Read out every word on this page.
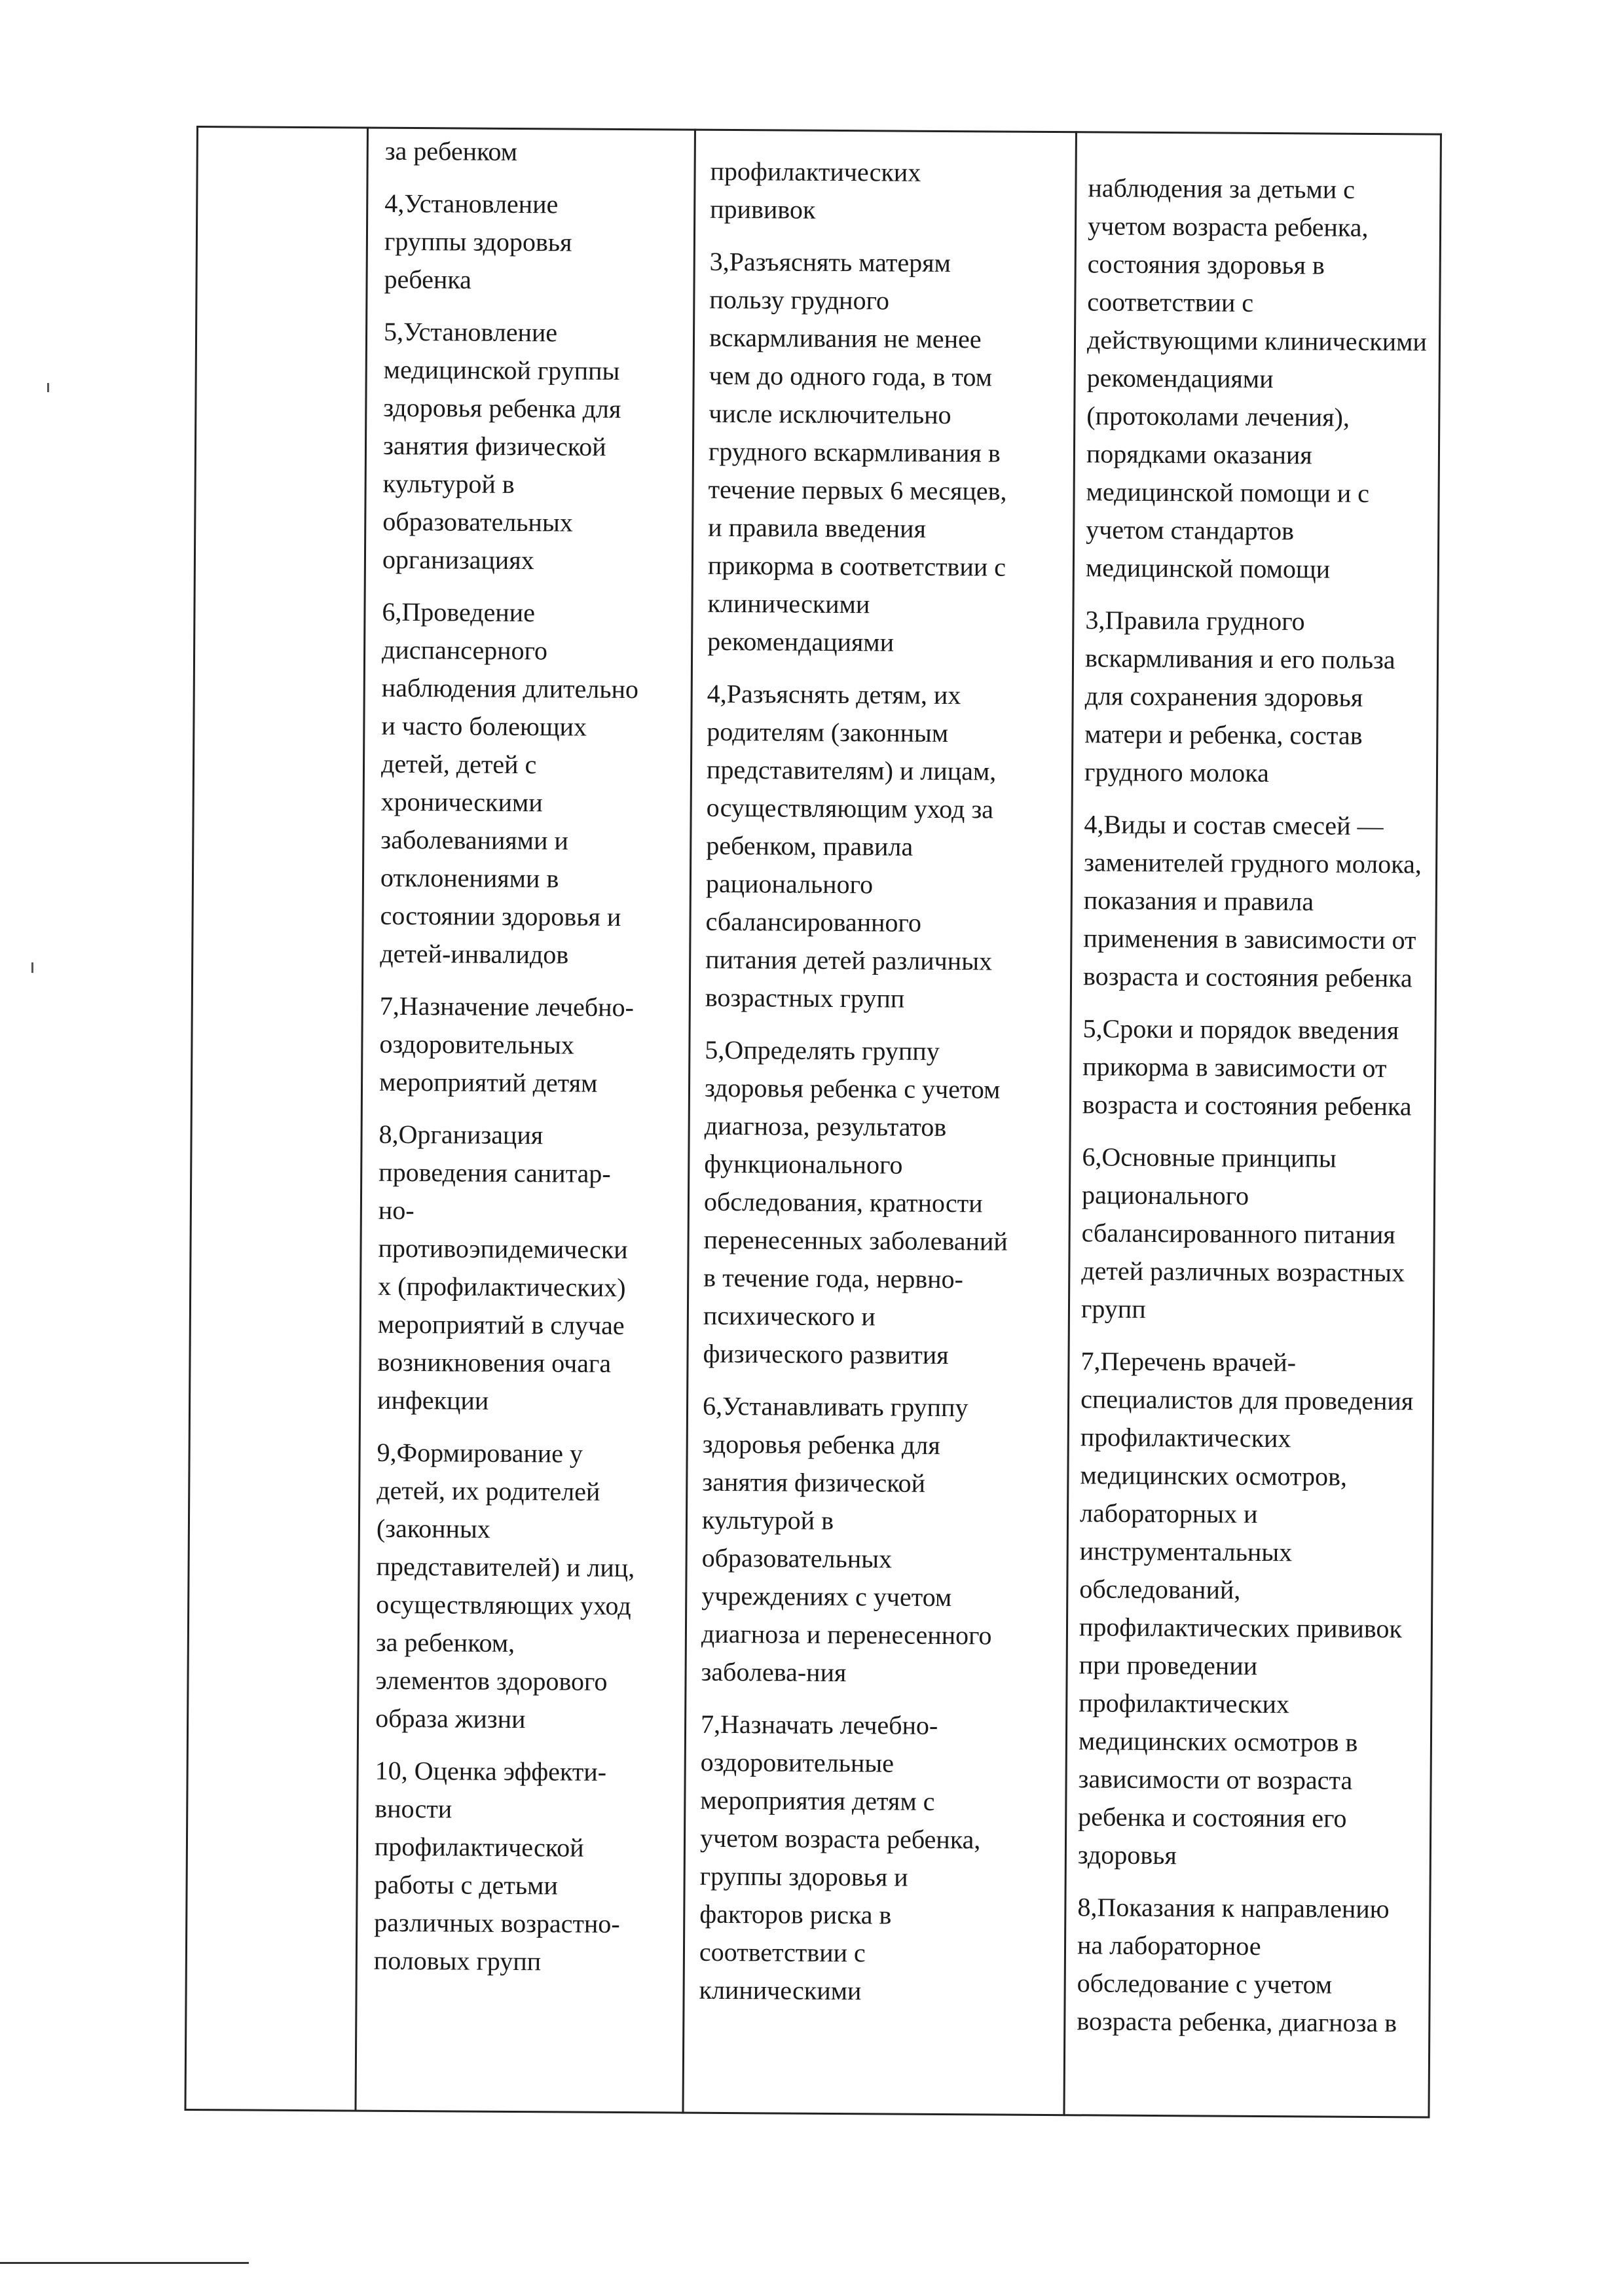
за ребенком
4,Установление
группы здоровья
ребенка
5,Установление
медицинской группы
здоровья ребенка для
занятия физической
культурой в
образовательных
организациях
6,Проведение
диспансерного
наблюдения длительно
и часто болеющих
детей, детей с
хроническими
заболеваниями и
отклонениями в
состоянии здоровья и
детей-инвалидов
7,Назначение лечебно-
оздоровительных
мероприятий детям
8,Организация
проведения санитар-
но-
противоэпидемически
х (профилактических)
мероприятий в случае
возникновения очага
инфекции
9,Формирование у
детей, их родителей
(законных
представителей) и лиц,
осуществляющих уход
за ребенком,
элементов здорового
образа жизни
10, Оценка эффекти-
вности
профилактической
работы с детьми
различных возрастно-
половых групп
профилактических
прививок
3,Разъяснять матерям
пользу грудного
вскармливания не менее
чем до одного года, в том
числе исключительно
грудного вскармливания в
течение первых 6 месяцев,
и правила введения
прикорма в соответствии с
клиническими
рекомендациями
4,Разъяснять детям, их
родителям (законным
представителям) и лицам,
осуществляющим уход за
ребенком, правила
рационального
сбалансированного
питания детей различных
возрастных групп
5,Определять группу
здоровья ребенка с учетом
диагноза, результатов
функционального
обследования, кратности
перенесенных заболеваний
в течение года, нервно-
психического и
физического развития
6,Устанавливать группу
здоровья ребенка для
занятия физической
культурой в
образовательных
учреждениях с учетом
диагноза и перенесенного
заболева-ния
7,Назначать лечебно-
оздоровительные
мероприятия детям с
учетом возраста ребенка,
группы здоровья и
факторов риска в
соответствии с
клиническими
наблюдения за детьми с
учетом возраста ребенка,
состояния здоровья в
соответствии с
действующими клиническими
рекомендациями
(протоколами лечения),
порядками оказания
медицинской помощи и с
учетом стандартов
медицинской помощи
3,Правила грудного
вскармливания и его польза
для сохранения здоровья
матери и ребенка, состав
грудного молока
4,Виды и состав смесей —
заменителей грудного молока,
показания и правила
применения в зависимости от
возраста и состояния ребенка
5,Сроки и порядок введения
прикорма в зависимости от
возраста и состояния ребенка
6,Основные принципы
рационального
сбалансированного питания
детей различных возрастных
групп
7,Перечень врачей-
специалистов для проведения
профилактических
медицинских осмотров,
лабораторных и
инструментальных
обследований,
профилактических прививок
при проведении
профилактических
медицинских осмотров в
зависимости от возраста
ребенка и состояния его
здоровья
8,Показания к направлению
на лабораторное
обследование с учетом
возраста ребенка, диагноза в
